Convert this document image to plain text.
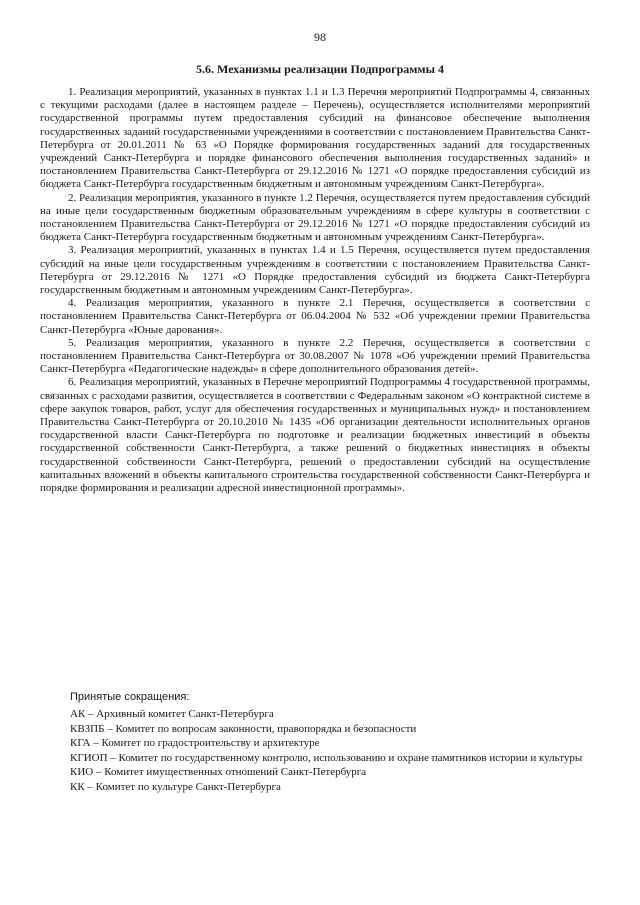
98
5.6. Механизмы реализации Подпрограммы 4

1. Реализация мероприятий, указанных в пунктах 1.1 и 1.3 Перечня мероприятий Подпрограммы 4, связанных с текущими расходами (далее в настоящем разделе – Перечень), осуществляется исполнителями мероприятий государственной программы путем предоставления субсидий на финансовое обеспечение выполнения государственных заданий государственными учреждениями в соответствии с постановлением Правительства Санкт-Петербурга от 20.01.2011 № 63 «О Порядке формирования государственных заданий для государственных учреждений Санкт-Петербурга и порядке финансового обеспечения выполнения государственных заданий» и постановлением Правительства Санкт-Петербурга от 29.12.2016 № 1271 «О порядке предоставления субсидий из бюджета Санкт-Петербурга государственным бюджетным и автономным учреждениям Санкт-Петербурга».

2. Реализация мероприятия, указанного в пункте 1.2 Перечня, осуществляется путем предоставления субсидий на иные цели государственным бюджетным образовательным учреждениям в сфере культуры в соответствии с постановлением Правительства Санкт-Петербурга от 29.12.2016 № 1271 «О порядке предоставления субсидий из бюджета Санкт-Петербурга государственным бюджетным и автономным учреждениям Санкт-Петербурга».

3. Реализация мероприятий, указанных в пунктах 1.4 и 1.5 Перечня, осуществляется путем предоставления субсидий на иные цели государственным учреждениям в соответствии с постановлением Правительства Санкт-Петербурга от 29.12.2016 № 1271 «О Порядке предоставления субсидий из бюджета Санкт-Петербурга государственным бюджетным и автономным учреждениям Санкт-Петербурга».

4. Реализация мероприятия, указанного в пункте 2.1 Перечня, осуществляется в соответствии с постановлением Правительства Санкт-Петербурга от 06.04.2004 № 532 «Об учреждении премии Правительства Санкт-Петербурга «Юные дарования».

5. Реализация мероприятия, указанного в пункте 2.2 Перечня, осуществляется в соответствии с постановлением Правительства Санкт-Петербурга от 30.08.2007 № 1078 «Об учреждении премий Правительства Санкт-Петербурга «Педагогические надежды» в сфере дополнительного образования детей».

6. Реализация мероприятий, указанных в Перечне мероприятий Подпрограммы 4 государственной программы, связанных с расходами развития, осуществляется в соответствии с Федеральным законом «О контрактной системе в сфере закупок товаров, работ, услуг для обеспечения государственных и муниципальных нужд» и постановлением Правительства Санкт-Петербурга от 20.10.2010 № 1435 «Об организации деятельности исполнительных органов государственной власти Санкт-Петербурга по подготовке и реализации бюджетных инвестиций в объекты государственной собственности Санкт-Петербурга, а также решений о бюджетных инвестициях в объекты государственной собственности Санкт-Петербурга, решений о предоставлении субсидий на осуществление капитальных вложений в объекты капитального строительства государственной собственности Санкт-Петербурга и порядке формирования и реализации адресной инвестиционной программы».

Принятые сокращения:

АК – Архивный комитет Санкт-Петербурга

КВЗПБ – Комитет по вопросам законности, правопорядка и безопасности

КГА – Комитет по градостроительству и архитектуре

КГИОП – Комитет по государственному контролю, использованию и охране памятников истории и культуры

КИО – Комитет имущественных отношений Санкт-Петербурга

КК – Комитет по культуре Санкт-Петербурга
